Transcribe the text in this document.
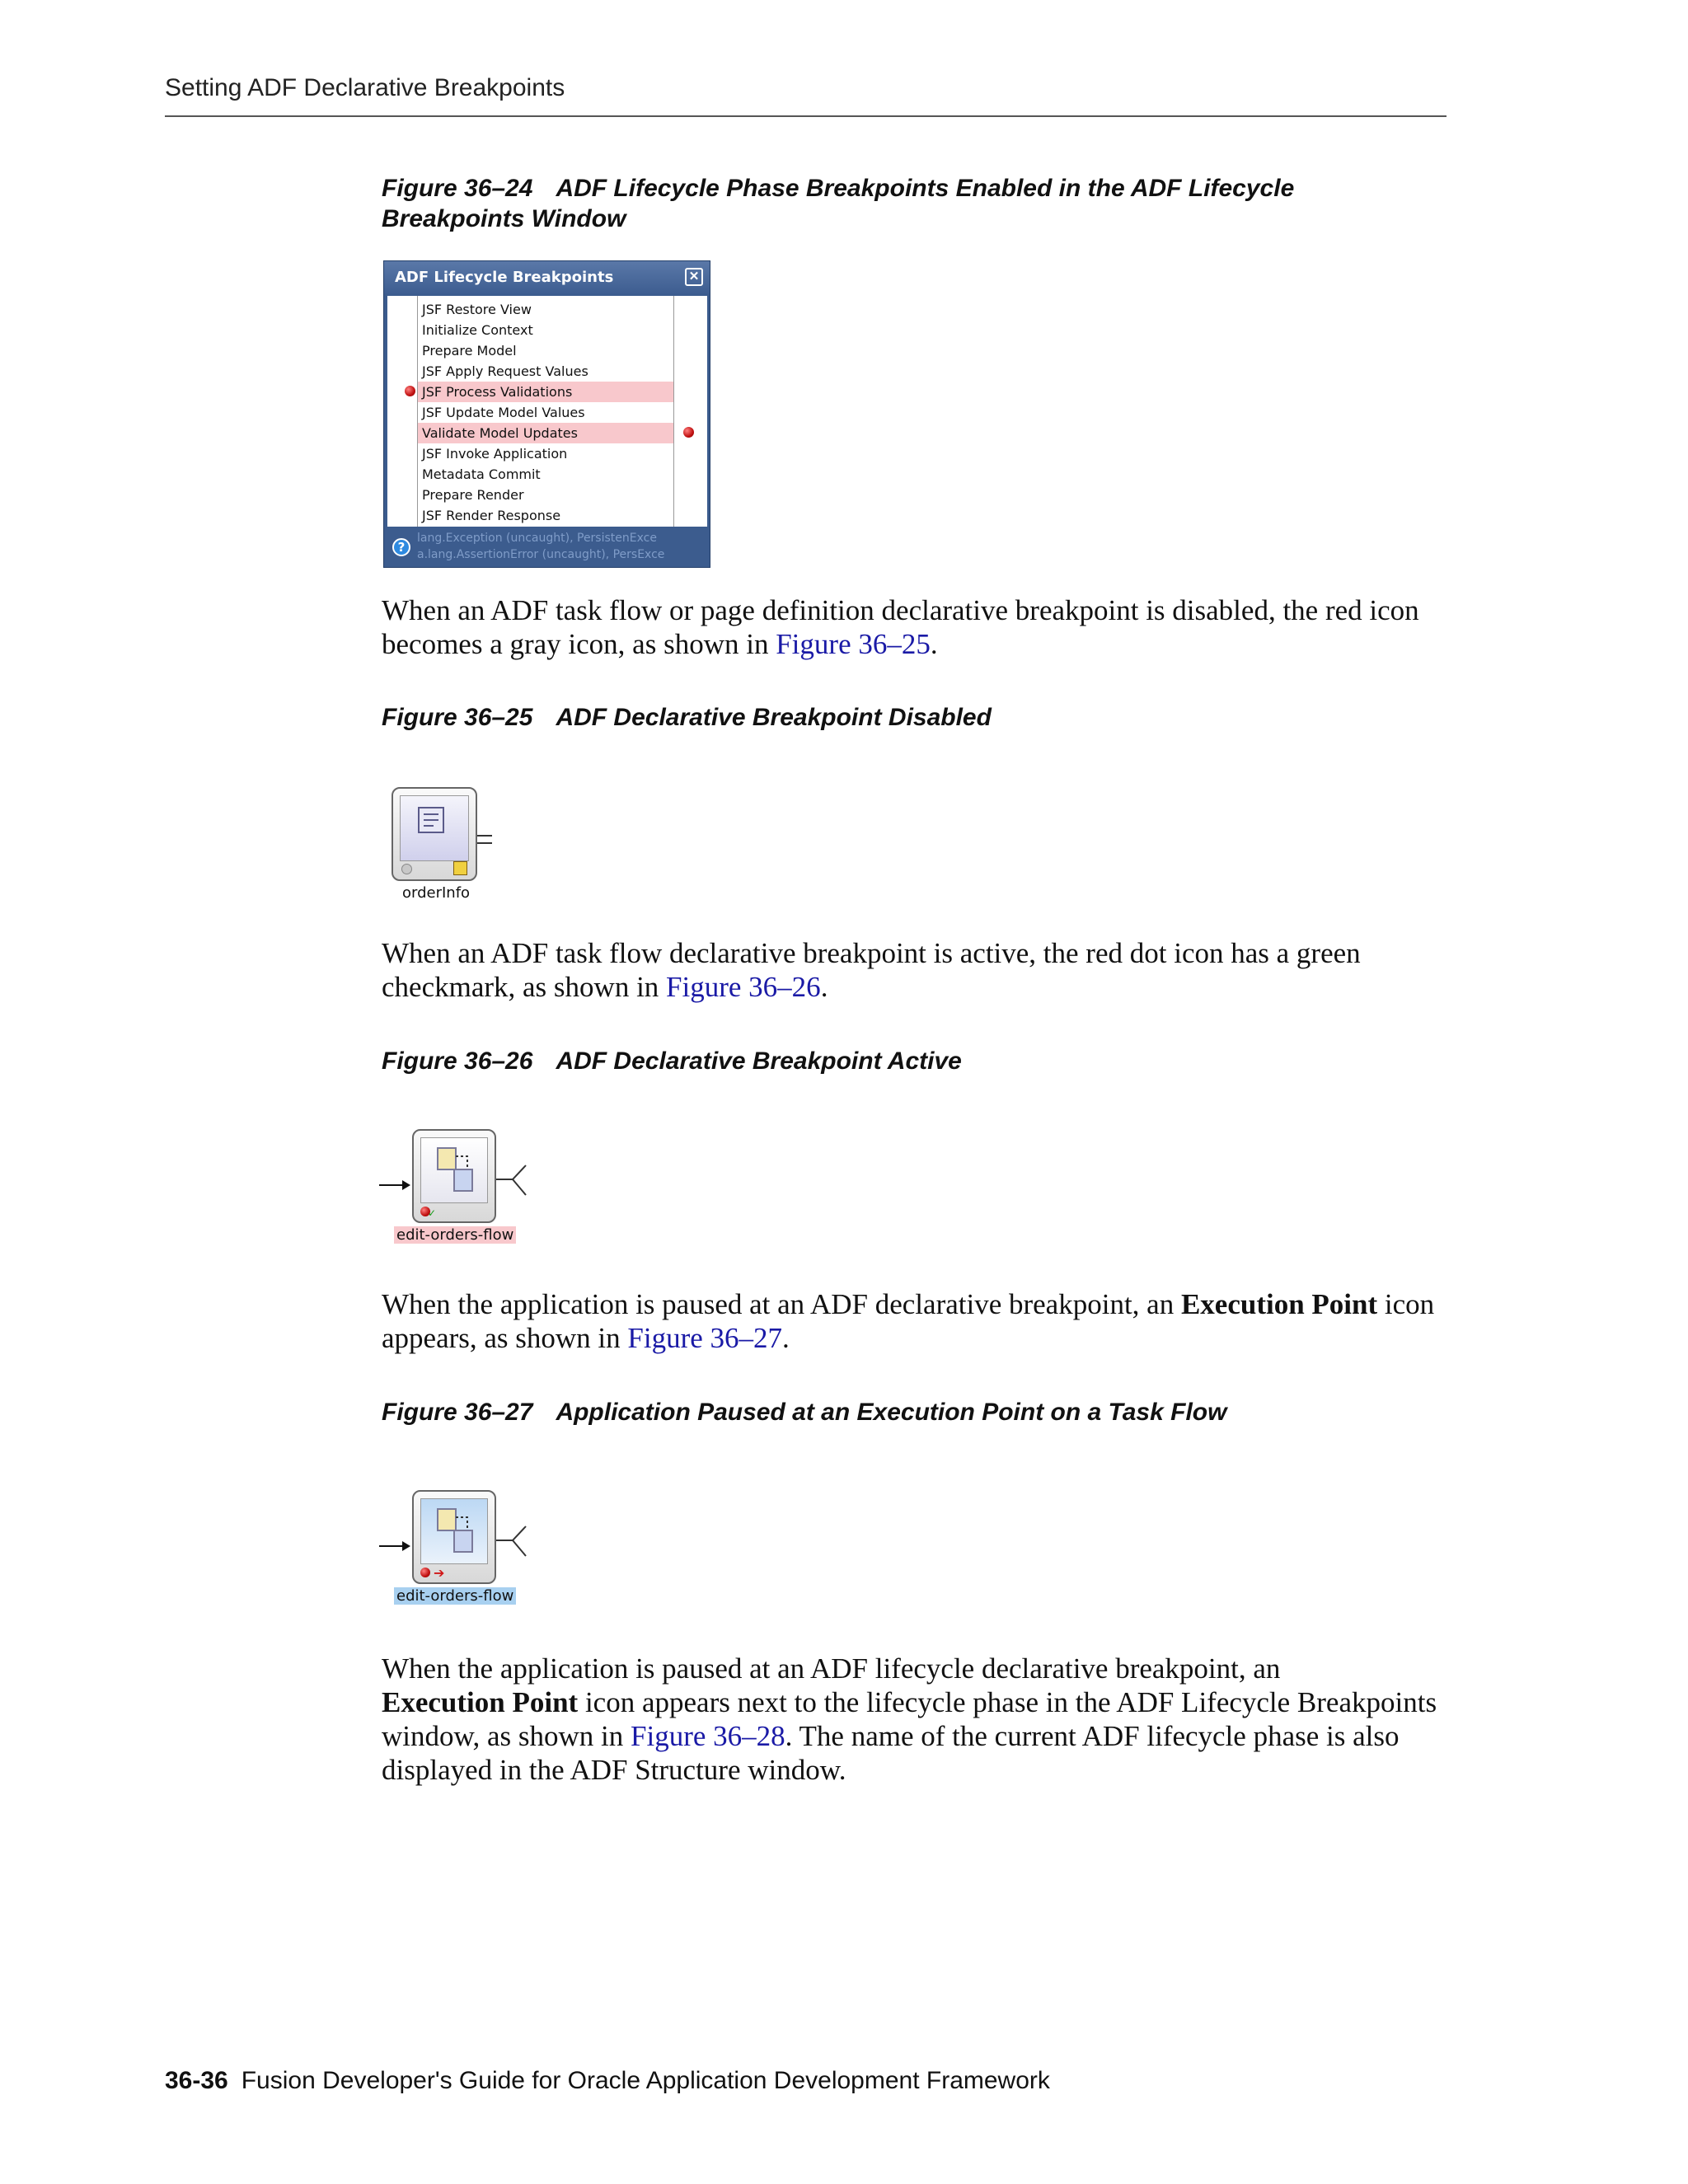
Setting ADF Declarative Breakpoints
Figure 36–24 ADF Lifecycle Phase Breakpoints Enabled in the ADF Lifecycle
Breakpoints Window
ADF Lifecycle Breakpoints	✕
JSF Restore View
Initialize Context
Prepare Model
JSF Apply Request Values
JSF Process Validations
JSF Update Model Values
Validate Model Updates
JSF Invoke Application
Metadata Commit
Prepare Render
JSF Render Response
?
lang.Exception (uncaught), PersistenExce
a.lang.AssertionError (uncaught), PersExce
When an ADF task flow or page definition declarative breakpoint is disabled, the red icon becomes a gray icon, as shown in Figure 36–25.
Figure 36–25 ADF Declarative Breakpoint Disabled
orderInfo
When an ADF task flow declarative breakpoint is active, the red dot icon has a green checkmark, as shown in Figure 36–26.
Figure 36–26 ADF Declarative Breakpoint Active
✓
edit-orders-flow
When the application is paused at an ADF declarative breakpoint, an Execution Point icon appears, as shown in Figure 36–27.
Figure 36–27 Application Paused at an Execution Point on a Task Flow
➔
edit-orders-flow
When the application is paused at an ADF lifecycle declarative breakpoint, an
Execution Point icon appears next to the lifecycle phase in the ADF Lifecycle Breakpoints window, as shown in Figure 36–28. The name of the current ADF lifecycle phase is also displayed in the ADF Structure window.
36-36 Fusion Developer's Guide for Oracle Application Development Framework
